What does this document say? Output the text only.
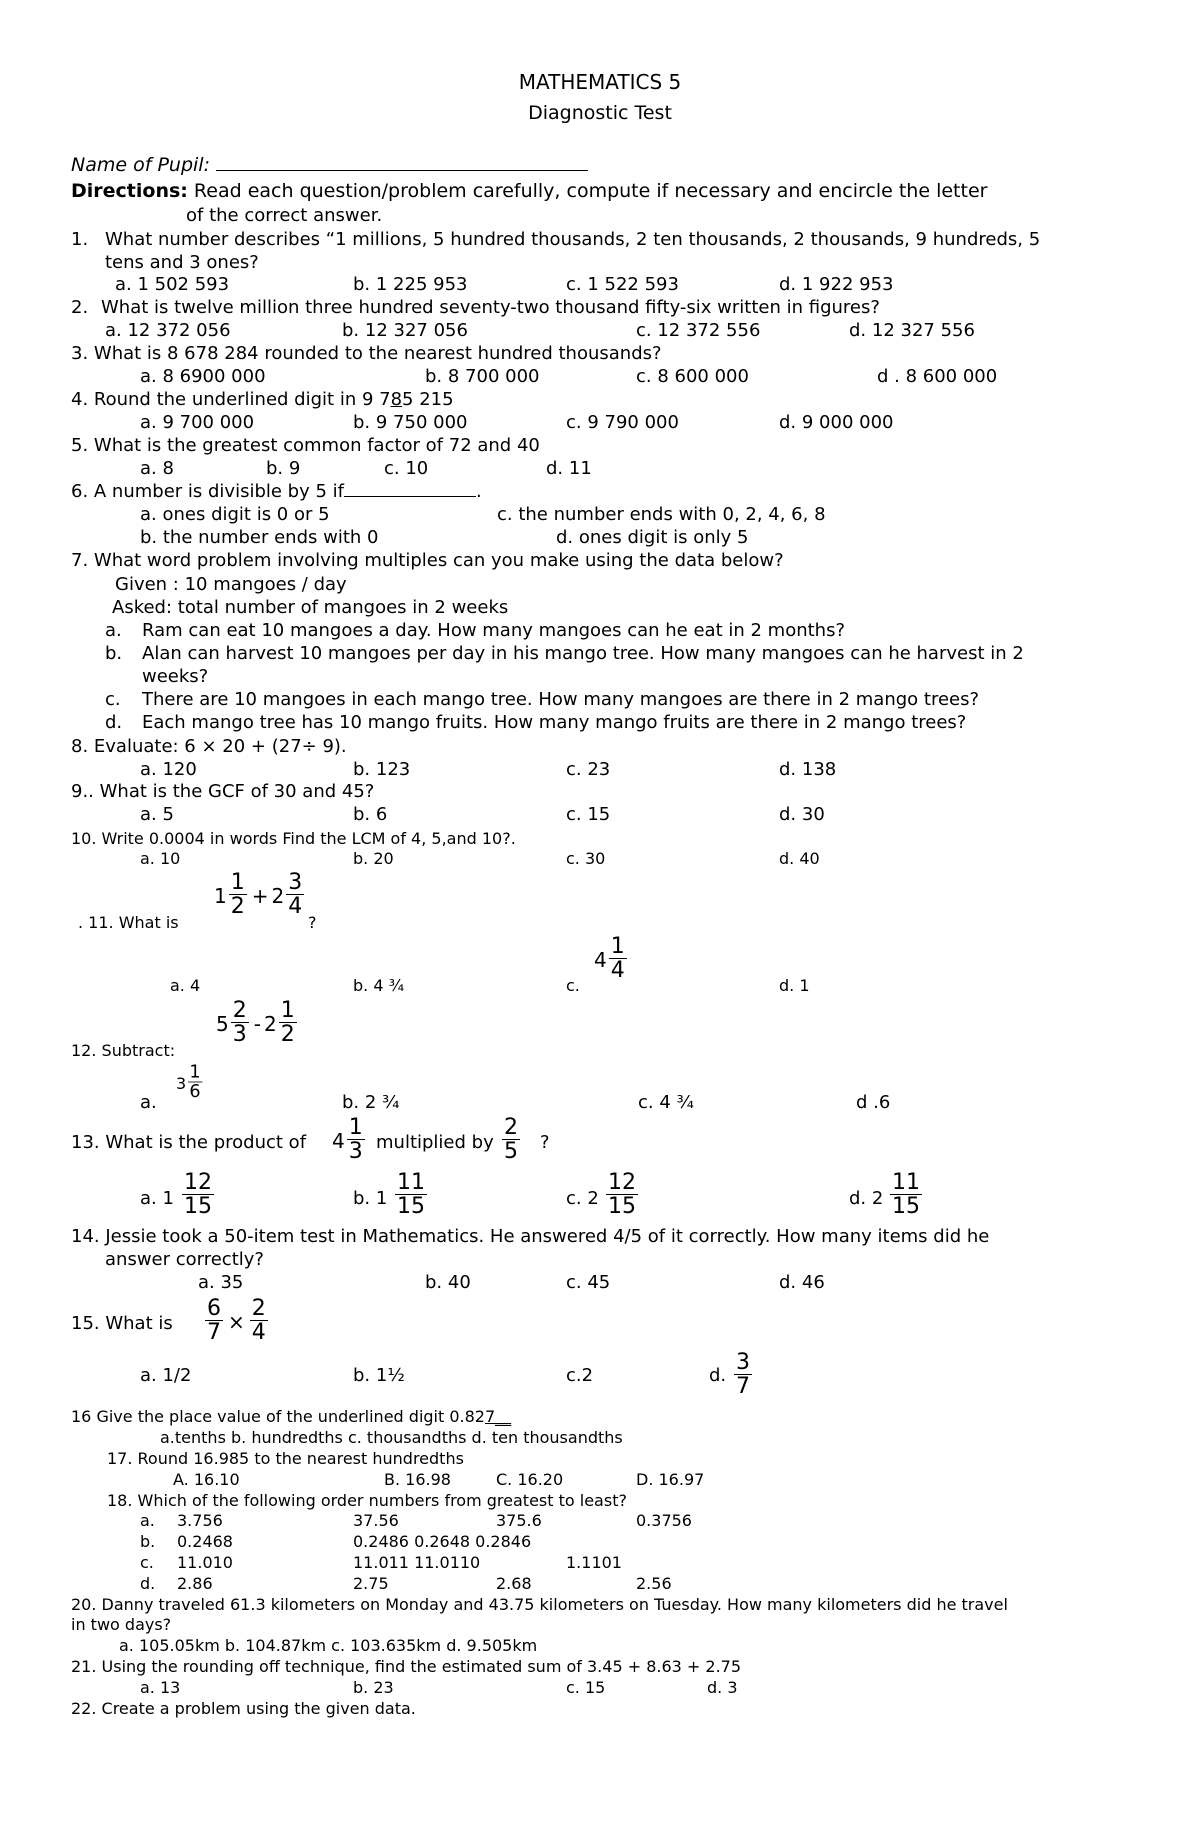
MATHEMATICS 5
Diagnostic Test
Name of Pupil:
Directions: Read each question/problem carefully, compute if necessary and encircle the letter
of the correct answer.
1. What number describes “1 millions, 5 hundred thousands, 2 ten thousands, 2 thousands, 9 hundreds, 5
tens and 3 ones?
a. 1 502 593	b. 1 225 953	c. 1 522 593	d. 1 922 953
2. What is twelve million three hundred seventy-two thousand fifty-six written in figures?
a. 12 372 056	b. 12 327 056	c. 12 372 556	d. 12 327 556
3. What is 8 678 284 rounded to the nearest hundred thousands?
a. 8 6900 000	b. 8 700 000	c. 8 600 000	d . 8 600 000
4. Round the underlined digit in 9 785 215
a. 9 700 000	b. 9 750 000	c. 9 790 000	d. 9 000 000
5. What is the greatest common factor of 72 and 40
a. 8	b. 9	c. 10	d. 11
6. A number is divisible by 5 if	.
a. ones digit is 0 or 5	c. the number ends with 0, 2, 4, 6, 8
b. the number ends with 0	d. ones digit is only 5
7. What word problem involving multiples can you make using the data below?
Given : 10 mangoes / day
Asked: total number of mangoes in 2 weeks
a. Ram can eat 10 mangoes a day. How many mangoes can he eat in 2 months?
b. Alan can harvest 10 mangoes per day in his mango tree. How many mangoes can he harvest in 2
weeks?
c. There are 10 mangoes in each mango tree. How many mangoes are there in 2 mango trees?
d. Each mango tree has 10 mango fruits. How many mango fruits are there in 2 mango trees?
8. Evaluate: 6 × 20 + (27÷ 9).
a. 120	b. 123	c. 23	d. 138
9.. What is the GCF of 30 and 45?
a. 5	b. 6	c. 15	d. 30
10. Write 0.0004 in words Find the LCM of 4, 5,and 10?.
a. 10	b. 20	c. 30	d. 40
. 11. What is
$1 \frac{1}{2} + 2 \frac{3}{4}$
?
a. 4	b. 4 ¾	c.
$4 \frac{1}{4}$
d. 1
12. Subtract:
$5 \frac{2}{3} - 2 \frac{1}{2}$
a.
$3 \frac{1}{6}$
b. 2 ¾	c. 4 ¾	d .6
13. What is the product of $4 \frac{1}{3}$ multiplied by $\frac{2}{5}$ ?
a. $1 \frac{12}{15}$	b. $1 \frac{11}{15}$	c. $2 \frac{12}{15}$	d. $2 \frac{11}{15}$
14. Jessie took a 50-item test in Mathematics. He answered 4/5 of it correctly. How many items did he
answer correctly?
a. 35	b. 40	c. 45	d. 46
15. What is $\frac{6}{7} \times \frac{2}{4}$
a. 1/2	b. 1½	c.2	d. $\frac{3}{7}$
16 Give the place value of the underlined digit 0.827__
a.tenths b. hundredths c. thousandths d. ten thousandths
17. Round 16.985 to the nearest hundredths
A. 16.10	B. 16.98	C. 16.20	D. 16.97
18. Which of the following order numbers from greatest to least?
a. 3.756	37.56	375.6	0.3756
b. 0.2468	0.2486 0.2648 0.2846
c. 11.010	11.011 11.0110	1.1101
d. 2.86	2.75	2.68	2.56
20. Danny traveled 61.3 kilometers on Monday and 43.75 kilometers on Tuesday. How many kilometers did he travel
in two days?
a. 105.05km b. 104.87km c. 103.635km d. 9.505km
21. Using the rounding off technique, find the estimated sum of 3.45 + 8.63 + 2.75
a. 13	b. 23	c. 15	d. 3
22. Create a problem using the given data.
